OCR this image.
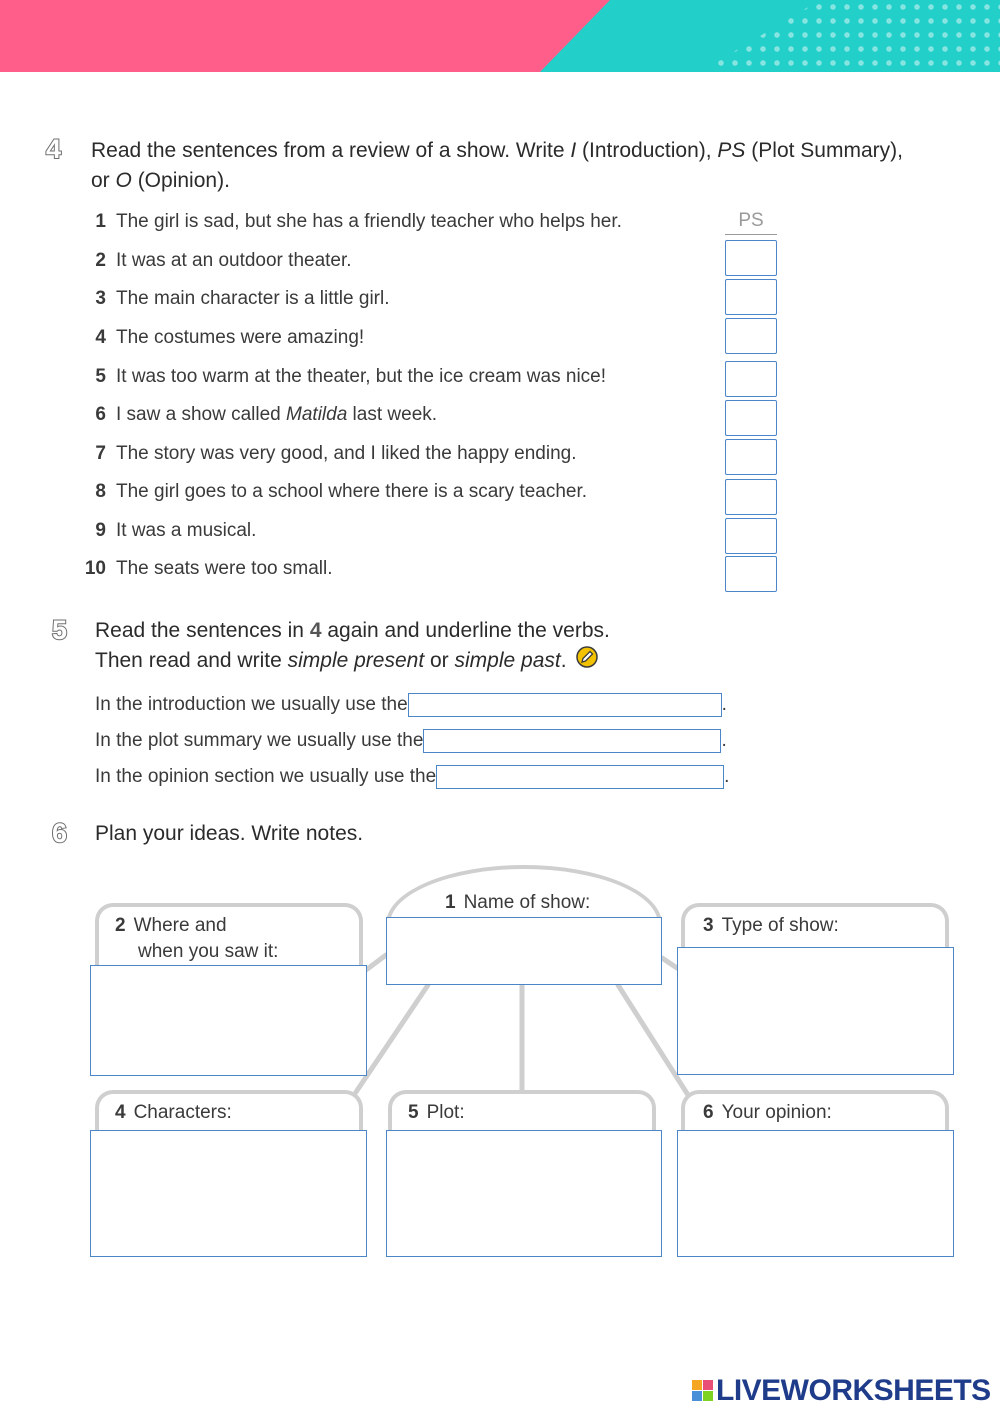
4 Read the sentences from a review of a show. Write I (Introduction), PS (Plot Summary),
or O (Opinion).
1 The girl is sad, but she has a friendly teacher who helps her.
2 It was at an outdoor theater.
3 The main character is a little girl.
4 The costumes were amazing!
5 It was too warm at the theater, but the ice cream was nice!
6 I saw a show called Matilda last week.
7 The story was very good, and I liked the happy ending.
8 The girl goes to a school where there is a scary teacher.
9 It was a musical.
10 The seats were too small.
PS
5 Read the sentences in 4 again and underline the verbs.
Then read and write simple present or simple past.
In the introduction we usually use the	.
In the plot summary we usually use the	.
In the opinion section we usually use the	.
6 Plan your ideas. Write notes.
1 Name of show:
2 Where and
when you saw it:
3 Type of show:
4 Characters:	5 Plot:	6 Your opinion:
LIVEWORKSHEETS
